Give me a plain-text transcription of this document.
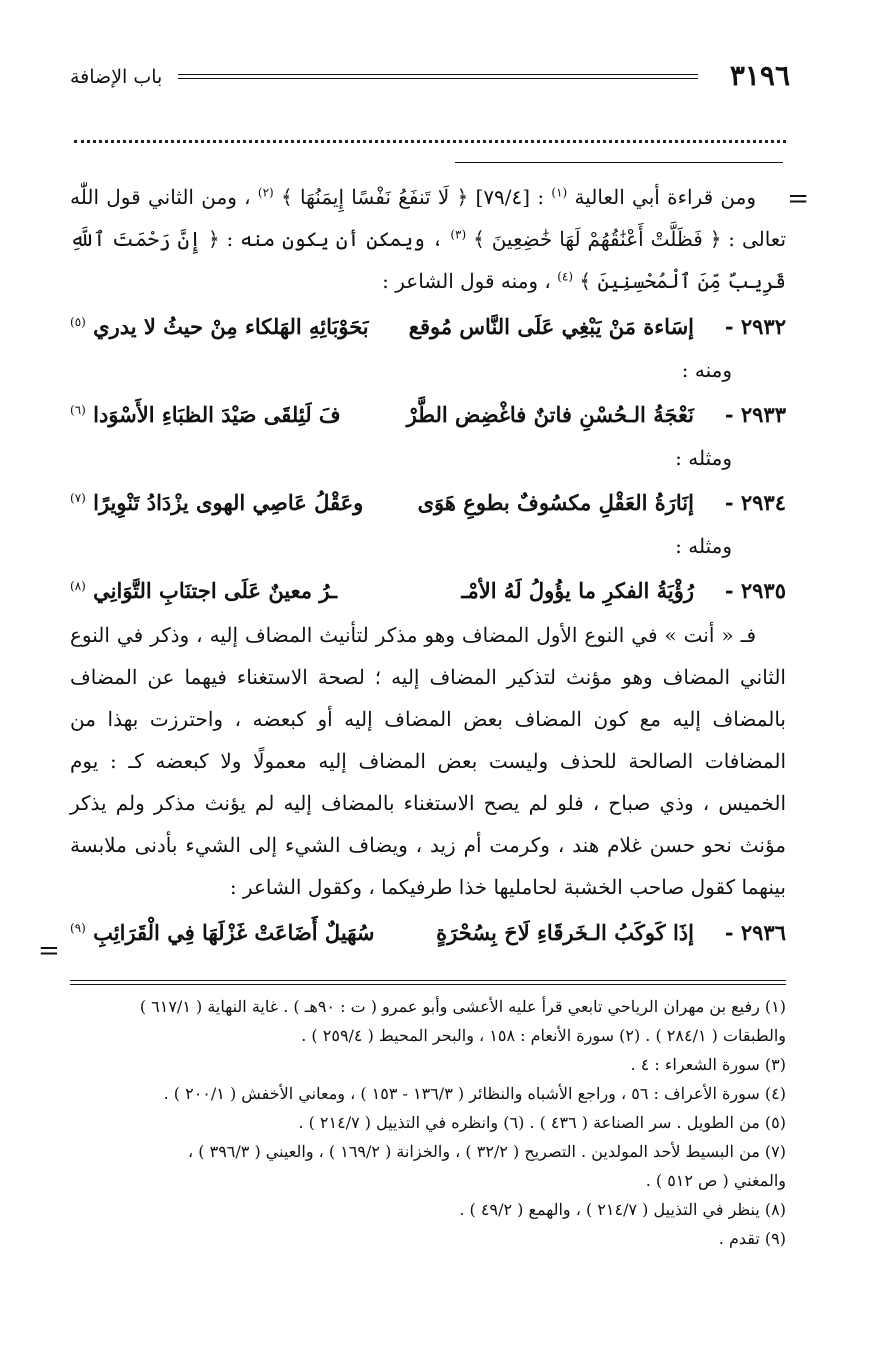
٣١٩٦
باب الإضافة
=

ومن قراءة أبي العالية $^{(١)}$ : [٧٩/٤] ﴿ لَا تَنفَعُ نَفْسًا إِيمَنُهَا ﴾ $^{(٢)}$ ، ومن الثاني قول اللّٰه تعالى : ﴿ فَظَلَّتْ أَعْنَٰقُهُمْ لَهَا خَٰضِعِينَ ﴾ $^{(٣)}$ ، ويمكن أن يكون منه : ﴿ إِنَّ رَحْمَتَ ٱللَّهِ قَرِيبٌ مِّنَ ٱلْمُحْسِنِينَ ﴾ $^{(٤)}$ ، ومنه قول الشاعر :

٢٩٣٢ -
إسَاءة مَنْ يَبْغِي عَلَى النَّاس مُوقع
بَحَوْبَائِهِ الهَلكاء مِنْ حيثُ لا يدري $^{(٥)}$

ومنه :

٢٩٣٣ -
نَعْجَةُ الـحُسْنِ فاتنٌ فاغْضِض الطَّرْ
فَ لَئِلقَى صَيْدَ الظبَاءِ الأَسْوَدا $^{(٦)}$

ومثله :

٢٩٣٤ -
إنَارَةُ العَقْلِ مكسُوفٌ بطوعِ هَوَى
وعَقْلُ عَاصِي الهوى يزْدَادُ تَنْوِيرًا $^{(٧)}$

ومثله :

٢٩٣٥ -
رُؤْيَةُ الفكرِ ما يؤُولُ لَهُ الأمْـ
ـرُ معينٌ عَلَى اجتنَابِ التَّوَانِي $^{(٨)}$

فـ « أنت » في النوع الأول المضاف وهو مذكر لتأنيث المضاف إليه ، وذكر في النوع الثاني المضاف وهو مؤنث لتذكير المضاف إليه ؛ لصحة الاستغناء فيهما عن المضاف بالمضاف إليه مع كون المضاف بعض المضاف إليه أو كبعضه ، واحترزت بهذا من المضافات الصالحة للحذف وليست بعض المضاف إليه معمولًا ولا كبعضه كـ : يوم الخميس ، وذي صباح ، فلو لم يصح الاستغناء بالمضاف إليه لم يؤنث مذكر ولم يذكر مؤنث نحو حسن غلام هند ، وكرمت أم زيد ، ويضاف الشيء إلى الشيء بأدنى ملابسة بينهما كقول صاحب الخشبة لحامليها خذا طرفيكما ، وكقول الشاعر :

٢٩٣٦ -
إذَا كَوكَبُ الـخَرقَاءِ لَاحَ بِسُحْرَةٍ
سُهَيلٌ أَضَاعَتْ غَزْلَهَا فِي الْقَرَائِبِ $^{(٩)}$
=

(١) رفيع بن مهران الرياحي تابعي قرأ عليه الأعشى وأبو عمرو ( ت : ٩٠هـ ) . غاية النهاية ( ٦١٧/١ )

والطبقات ( ٢٨٤/١ ) . (٢) سورة الأنعام : ١٥٨ ، والبحر المحيط ( ٢٥٩/٤ ) .

(٣) سورة الشعراء : ٤ .

(٤) سورة الأعراف : ٥٦ ، وراجع الأشباه والنظائر ( ١٣٦/٣ - ١٥٣ ) ، ومعاني الأخفش ( ٢٠٠/١ ) .

(٥) من الطويل . سر الصناعة ( ٤٣٦ ) . (٦) وانظره في التذييل ( ٢١٤/٧ ) .

(٧) من البسيط لأحد المولدين . التصريح ( ٣٢/٢ ) ، والخزانة ( ١٦٩/٢ ) ، والعيني ( ٣٩٦/٣ ) ،

والمغني ( ص ٥١٢ ) .

(٨) ينظر في التذييل ( ٢١٤/٧ ) ، والهمع ( ٤٩/٢ ) .

(٩) تقدم .
